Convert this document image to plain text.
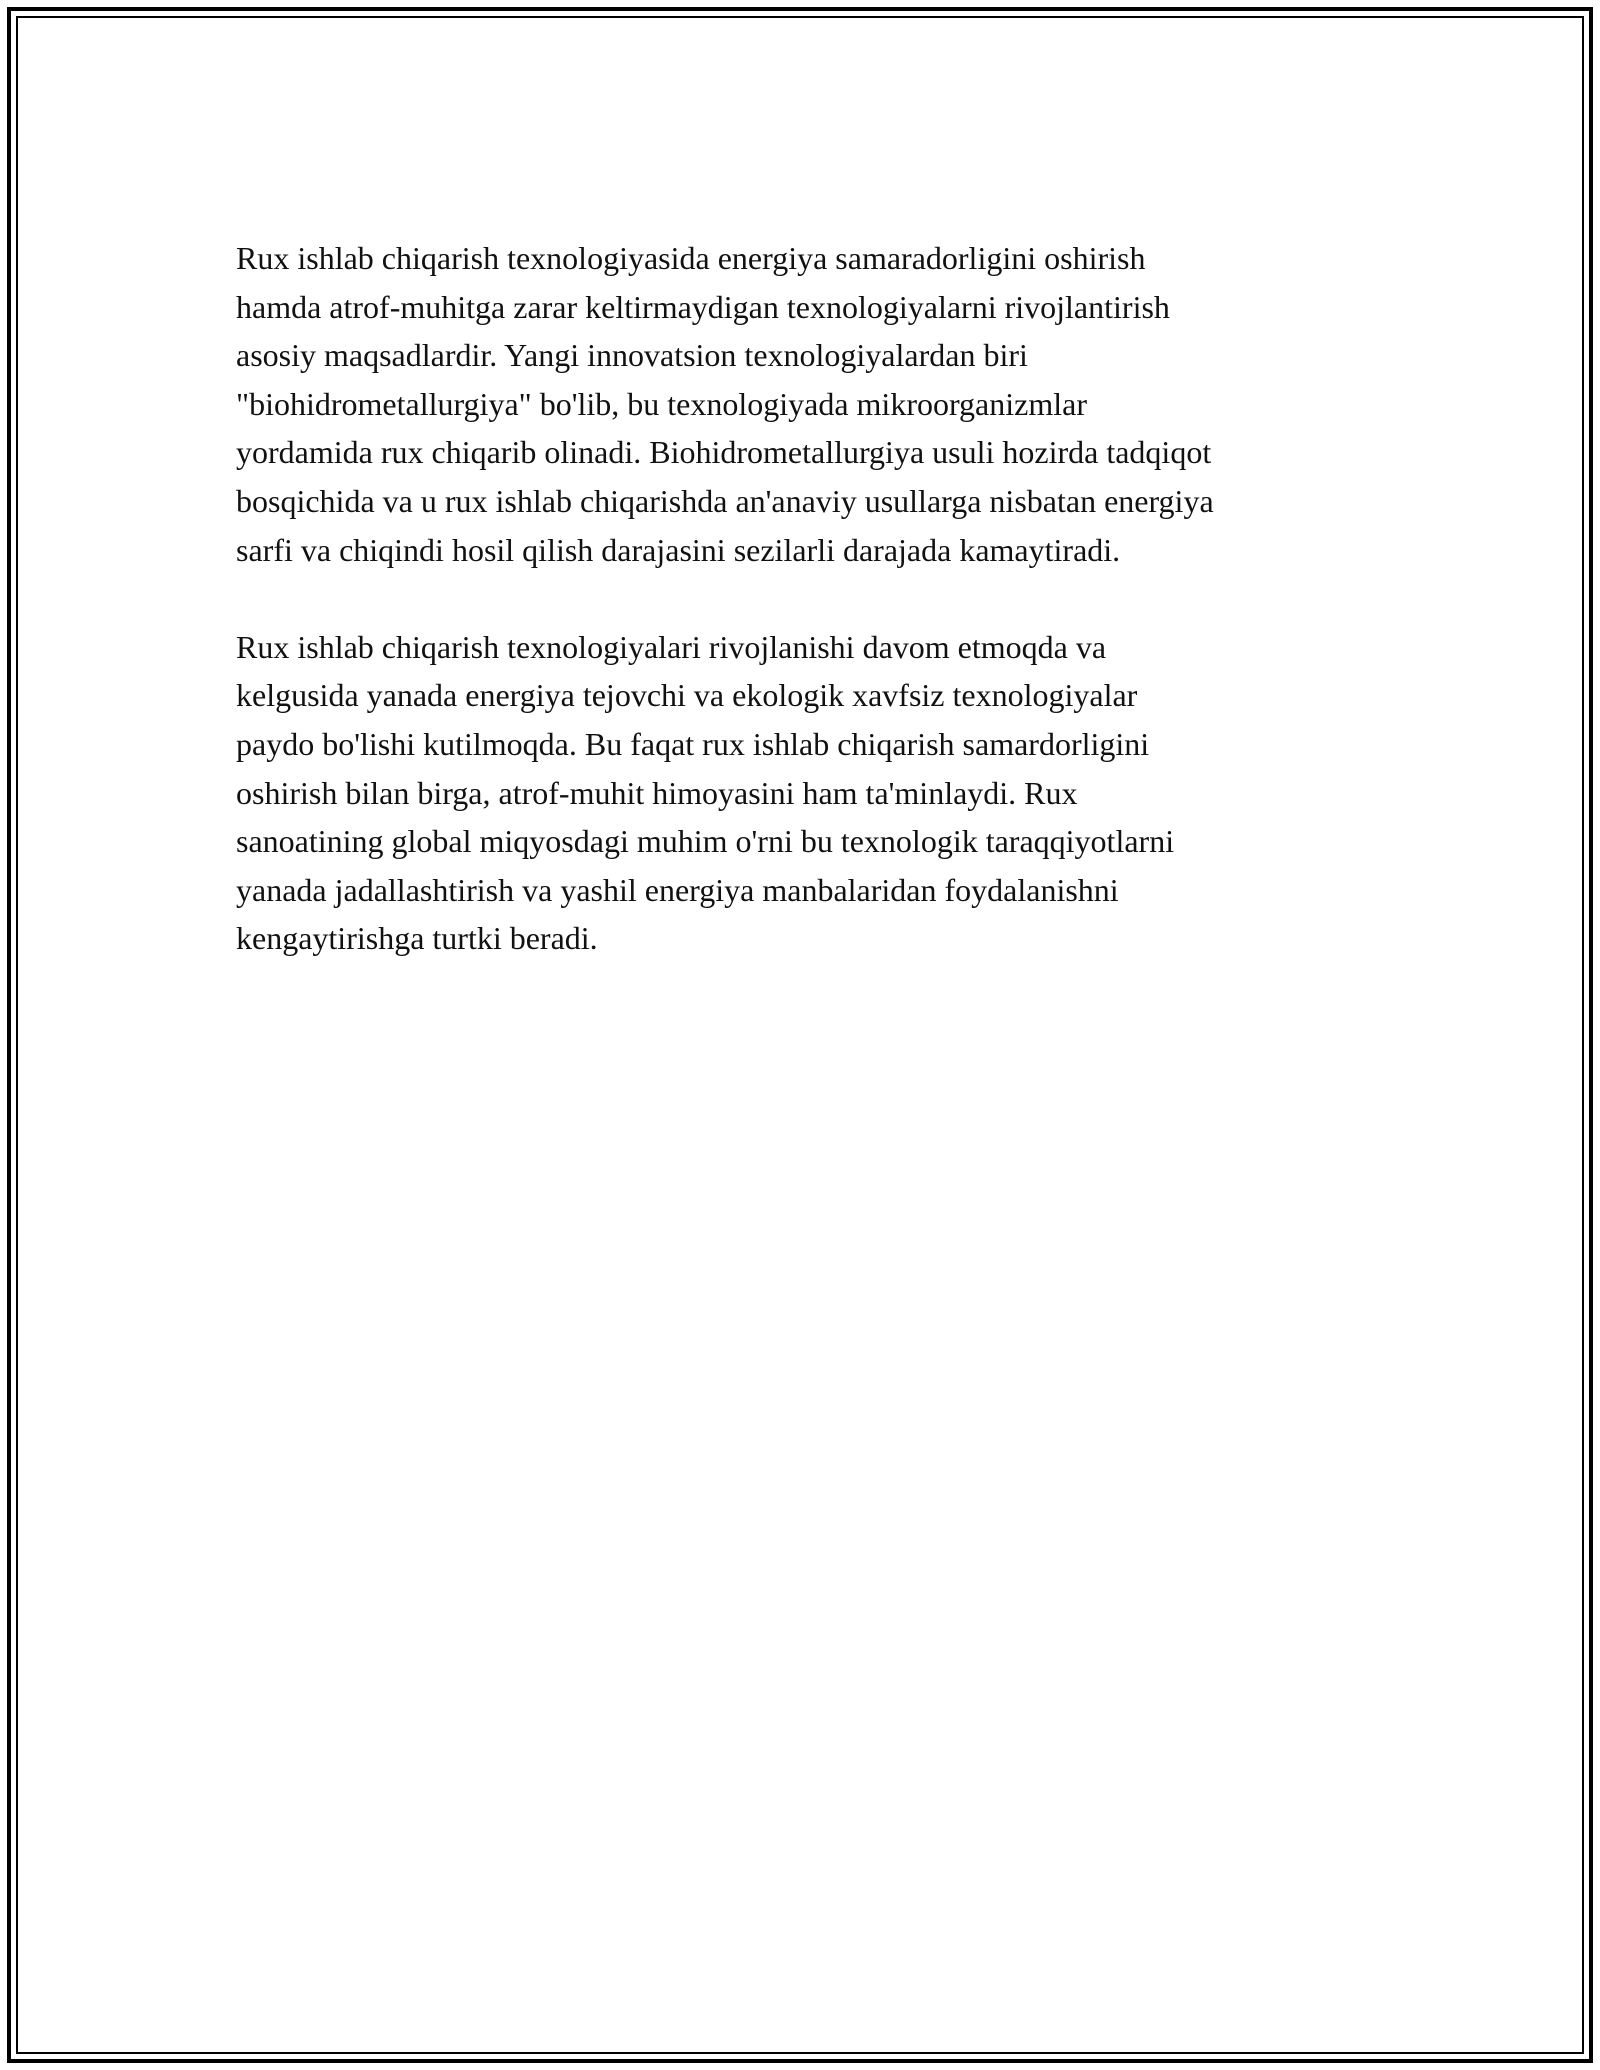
Rux ishlab chiqarish texnologiyasida energiya samaradorligini oshirish
hamda atrof-muhitga zarar keltirmaydigan texnologiyalarni rivojlantirish
asosiy maqsadlardir. Yangi innovatsion texnologiyalardan biri
"biohidrometallurgiya" bo'lib, bu texnologiyada mikroorganizmlar
yordamida rux chiqarib olinadi. Biohidrometallurgiya usuli hozirda tadqiqot
bosqichida va u rux ishlab chiqarishda an'anaviy usullarga nisbatan energiya
sarfi va chiqindi hosil qilish darajasini sezilarli darajada kamaytiradi.

Rux ishlab chiqarish texnologiyalari rivojlanishi davom etmoqda va
kelgusida yanada energiya tejovchi va ekologik xavfsiz texnologiyalar
paydo bo'lishi kutilmoqda. Bu faqat rux ishlab chiqarish samardorligini
oshirish bilan birga, atrof-muhit himoyasini ham ta'minlaydi. Rux
sanoatining global miqyosdagi muhim o'rni bu texnologik taraqqiyotlarni
yanada jadallashtirish va yashil energiya manbalaridan foydalanishni
kengaytirishga turtki beradi.
